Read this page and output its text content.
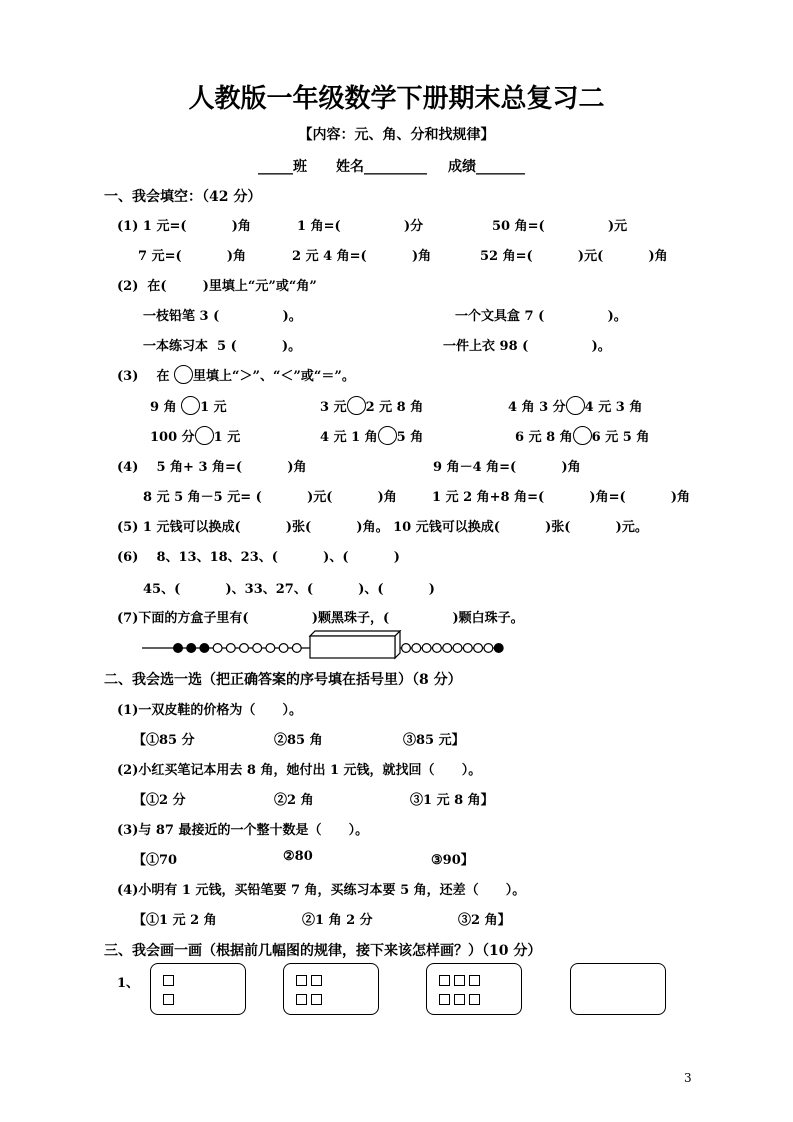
人教版一年级数学下册期末总复习二
【内容：元、角、分和找规律】
_____班 姓名_________ 成绩_______
一、我会填空：（42 分）
(1) 1 元=(          )角	1 角=(              )分	50 角=(              )元
7 元=(          )角	2 元 4 角=(          )角	52 角=(          )元(          )角
(2)  在(        )里填上“元”或“角”
一枝铅笔 3 (              )。	一个文具盒 7 (              )。
一本练习本  5 (          )。	一件上衣 98 (              )。
(3)    在 里填上“＞”、“＜”或“＝”。
9 角 1 元	3 元 2 元 8 角	4 角 3 分 4 元 3 角
100 分 1 元	4 元 1 角 5 角	6 元 8 角 6 元 5 角
(4)    5 角+ 3 角=(          )角	9 角－4 角=(          )角
8 元 5 角－5 元= (          )元(          )角	1 元 2 角+8 角=(          )角=(          )角
(5) 1 元钱可以换成(          )张(          )角。 10 元钱可以换成(          )张(          )元。
(6)    8、13、18、23、(          )、(          )
45、(          )、33、27、(          )、(          )
(7)下面的方盒子里有(              )颗黑珠子，(              )颗白珠子。
二、我会选一选（把正确答案的序号填在括号里）（8 分）
(1)一双皮鞋的价格为（      ）。
【①85 分	②85 角	③85 元】
(2)小红买笔记本用去 8 角，她付出 1 元钱，就找回（      ）。
【①2 分	②2 角	③1 元 8 角】
(3)与 87 最接近的一个整十数是（      ）。
【①70	②80	③90】
(4)小明有 1 元钱，买铅笔要 7 角，买练习本要 5 角，还差（      ）。
【①1 元 2 角	②1 角 2 分	③2 角】
三、我会画一画（根据前几幅图的规律，接下来该怎样画？）（10 分）
1、
3
